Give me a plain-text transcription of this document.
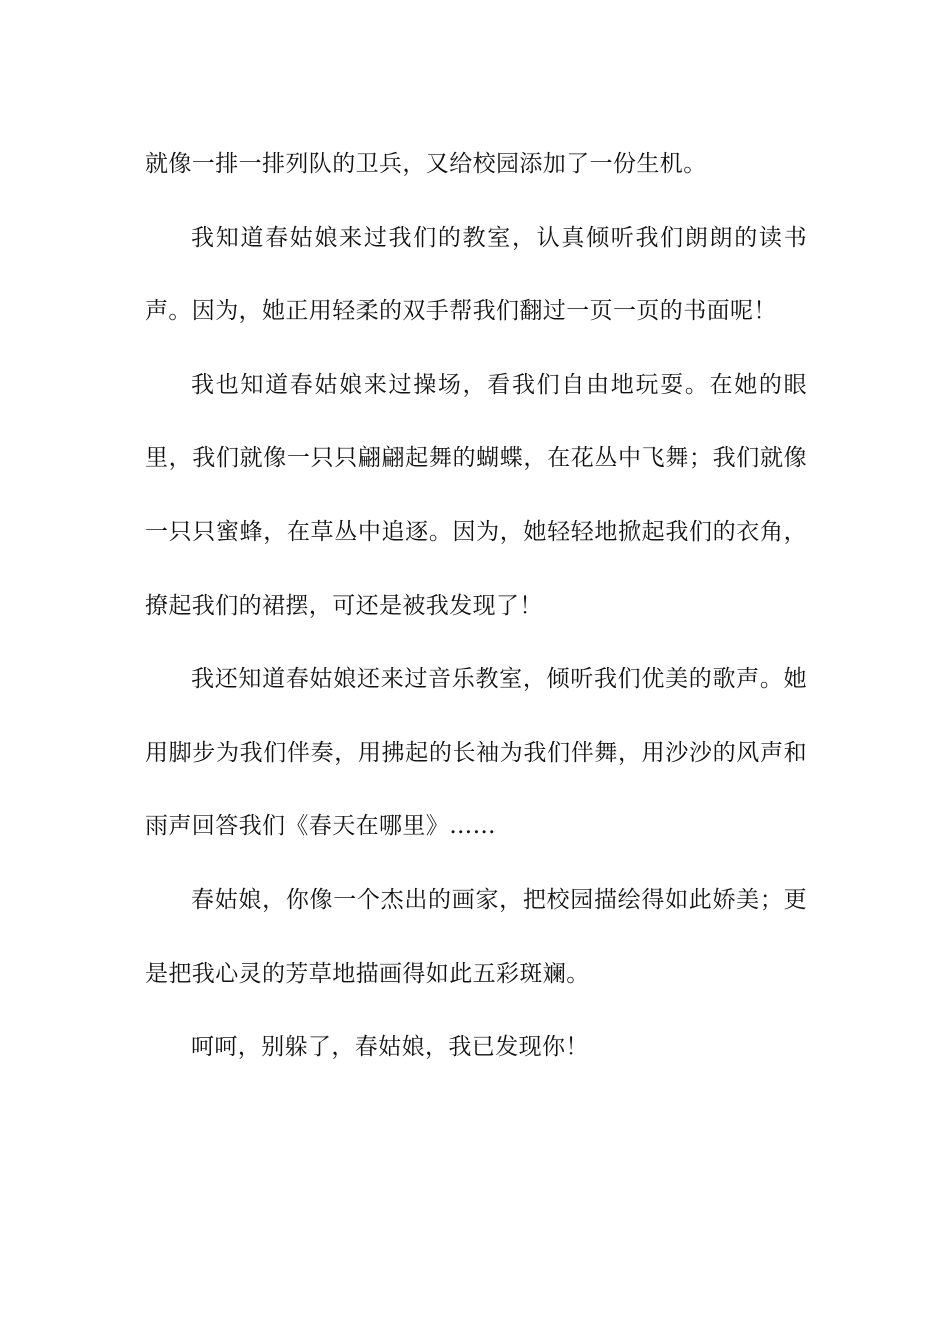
就像一排一排列队的卫兵，又给校园添加了一份生机。

我知道春姑娘来过我们的教室，认真倾听我们朗朗的读书声。因为，她正用轻柔的双手帮我们翻过一页一页的书面呢！

我也知道春姑娘来过操场，看我们自由地玩耍。在她的眼里，我们就像一只只翩翩起舞的蝴蝶，在花丛中飞舞；我们就像一只只蜜蜂，在草丛中追逐。因为，她轻轻地掀起我们的衣角，撩起我们的裙摆，可还是被我发现了！

我还知道春姑娘还来过音乐教室，倾听我们优美的歌声。她用脚步为我们伴奏，用拂起的长袖为我们伴舞，用沙沙的风声和雨声回答我们《春天在哪里》……

春姑娘，你像一个杰出的画家，把校园描绘得如此娇美；更是把我心灵的芳草地描画得如此五彩斑斓。

呵呵，别躲了，春姑娘，我已发现你！
